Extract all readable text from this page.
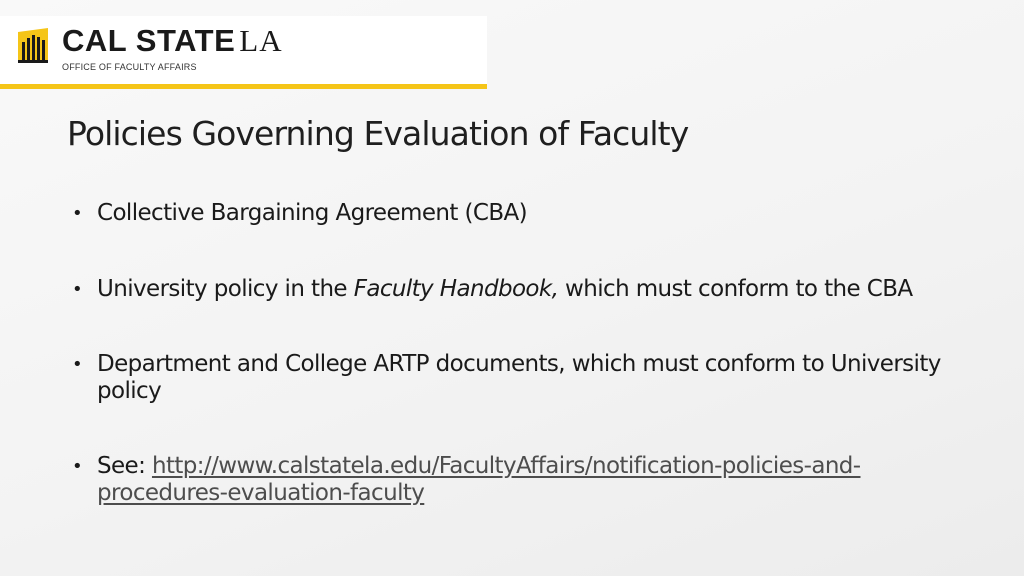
CAL STATE LA
OFFICE OF FACULTY AFFAIRS
Policies Governing Evaluation of Faculty
• Collective Bargaining Agreement (CBA)
• University policy in the Faculty Handbook, which must conform to the CBA
• Department and College ARTP documents, which must conform to University policy
• See: http://www.calstatela.edu/FacultyAffairs/notification-policies-and-procedures-evaluation-faculty
